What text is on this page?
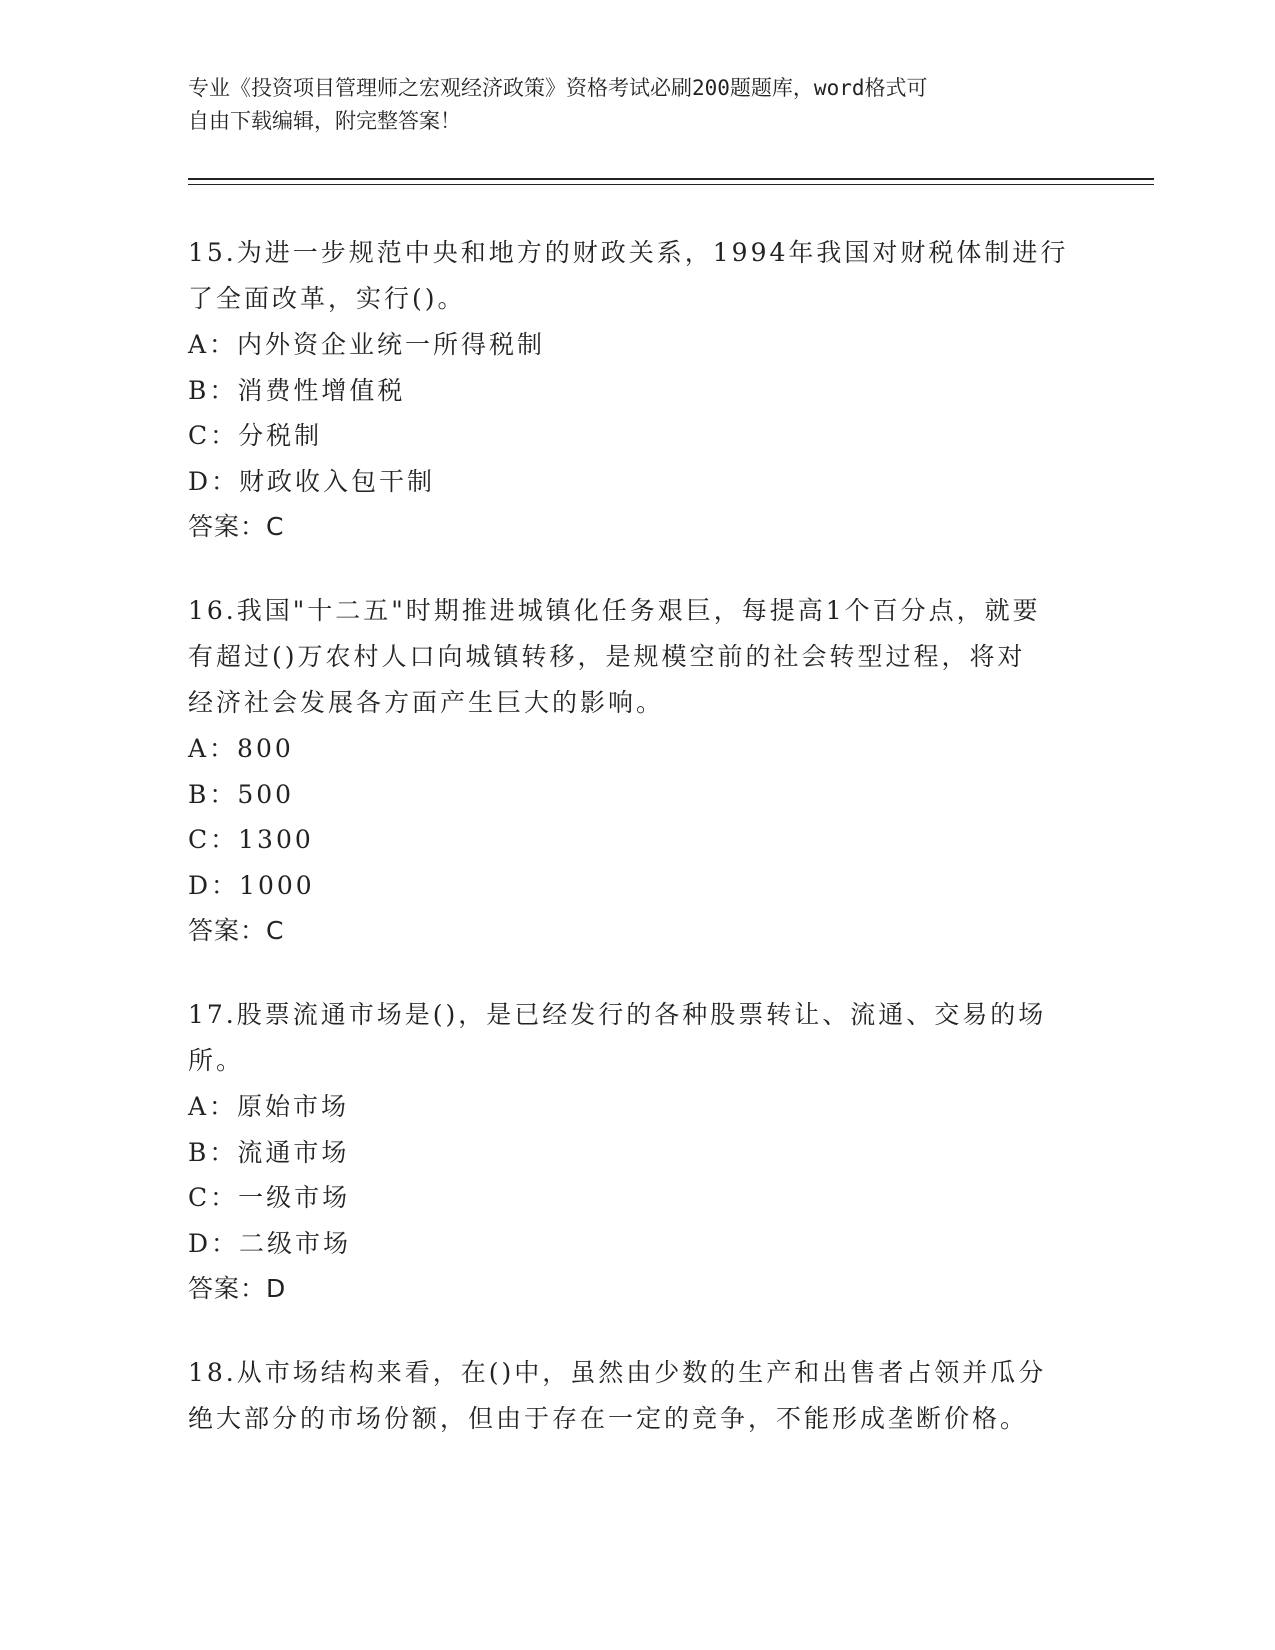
专业《投资项目管理师之宏观经济政策》资格考试必刷200题题库，word格式可
自由下载编辑，附完整答案！
15.为进一步规范中央和地方的财政关系，1994年我国对财税体制进行
了全面改革，实行()。
A：内外资企业统一所得税制
B：消费性增值税
C：分税制
D：财政收入包干制
答案：C
16.我国"十二五"时期推进城镇化任务艰巨，每提高1个百分点，就要
有超过()万农村人口向城镇转移，是规模空前的社会转型过程，将对
经济社会发展各方面产生巨大的影响。
A：800
B：500
C：1300
D：1000
答案：C
17.股票流通市场是()，是已经发行的各种股票转让、流通、交易的场
所。
A：原始市场
B：流通市场
C：一级市场
D：二级市场
答案：D
18.从市场结构来看，在()中，虽然由少数的生产和出售者占领并瓜分
绝大部分的市场份额，但由于存在一定的竞争，不能形成垄断价格。
